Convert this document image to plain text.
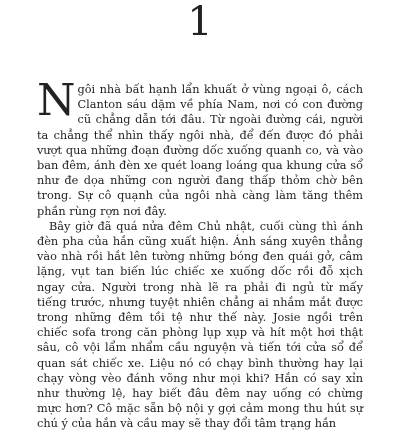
1

Ngôi nhà bất hạnh lẩn khuất ở vùng ngoại ô, cách Clanton sáu dặm về phía Nam, nơi có con đường cũ chẳng dẫn tới đâu. Từ ngoài đường cái, người ta chẳng thể nhìn thấy ngôi nhà, để đến được đó phải vượt qua những đoạn đường dốc xuống quanh co, và vào ban đêm, ánh đèn xe quét loang loáng qua khung cửa sổ như đe dọa những con người đang thấp thỏm chờ bên trong. Sự cô quạnh của ngôi nhà càng làm tăng thêm phần rùng rợn nơi đây.

Bây giờ đã quá nửa đêm Chủ nhật, cuối cùng thì ánh đèn pha của hắn cũng xuất hiện. Ánh sáng xuyên thẳng vào nhà rồi hắt lên tường những bóng đen quái gở, câm lặng, vụt tan biến lúc chiếc xe xuống dốc rồi đỗ xịch ngay cửa. Người trong nhà lẽ ra phải đi ngủ từ mấy tiếng trước, nhưng tuyệt nhiên chẳng ai nhắm mắt được trong những đêm tồi tệ như thế này. Josie ngồi trên chiếc sofa trong căn phòng lụp xụp và hít một hơi thật sâu, cô vội lẩm nhẩm cầu nguyện và tiến tới cửa sổ để quan sát chiếc xe. Liệu nó có chạy bình thường hay lại chạy vòng vèo đánh võng như mọi khi? Hắn có say xỉn như thường lệ, hay biết đâu đêm nay uống có chừng mực hơn? Cô mặc sẵn bộ nội y gợi cảm mong thu hút sự chú ý của hắn và cầu may sẽ thay đổi tâm trạng hắn
